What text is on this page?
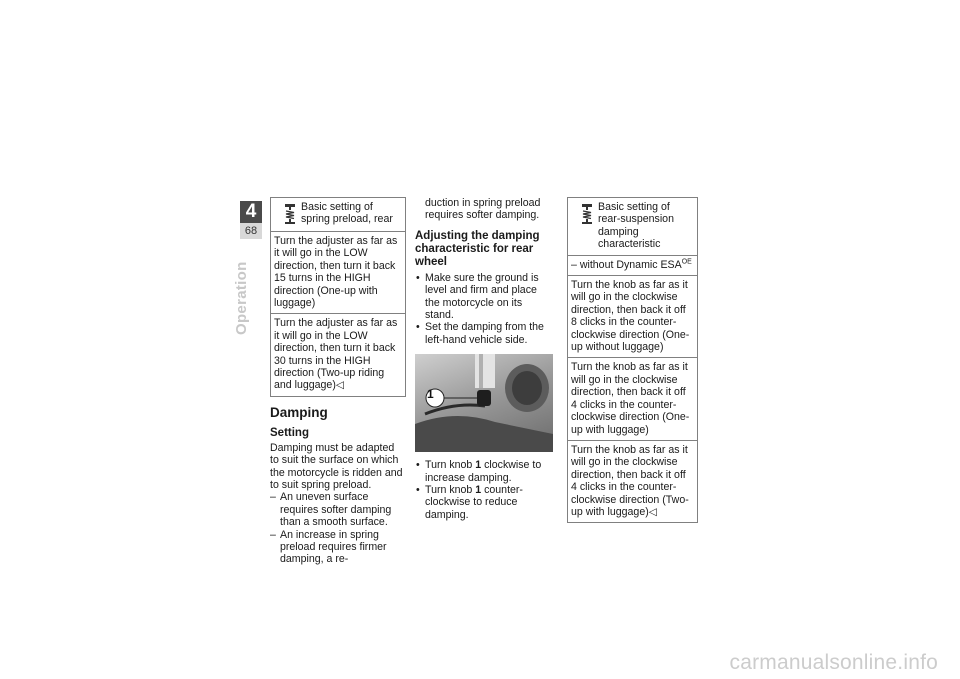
4
68
Operation
Basic setting of spring preload, rear
Turn the adjuster as far as it will go in the LOW direction, then turn it back 15 turns in the HIGH direction (One-up with luggage)
Turn the adjuster as far as it will go in the LOW direction, then turn it back 30 turns in the HIGH direction (Two-up riding and luggage)◁
Damping
Setting

Damping must be adapted to suit the surface on which the motorcycle is ridden and to suit spring preload.

– An uneven surface requires softer damping than a smooth surface.
– An increase in spring preload requires firmer damping, a re-

duction in spring preload requires softer damping.

Adjusting the damping characteristic for rear wheel
• Make sure the ground is level and firm and place the motorcycle on its stand.
• Set the damping from the left-hand vehicle side.
1
• Turn knob 1 clockwise to increase damping.
• Turn knob 1 counter-clockwise to reduce damping.
Basic setting of rear-suspension damping characteristic
– without Dynamic $ESA^{OE}$
Turn the knob as far as it will go in the clockwise direction, then back it off 8 clicks in the counter-clockwise direction (One-up without luggage)
Turn the knob as far as it will go in the clockwise direction, then back it off 4 clicks in the counter-clockwise direction (One-up with luggage)
Turn the knob as far as it will go in the clockwise direction, then back it off 4 clicks in the counter-clockwise direction (Two-up with luggage)◁
carmanualsonline.info
